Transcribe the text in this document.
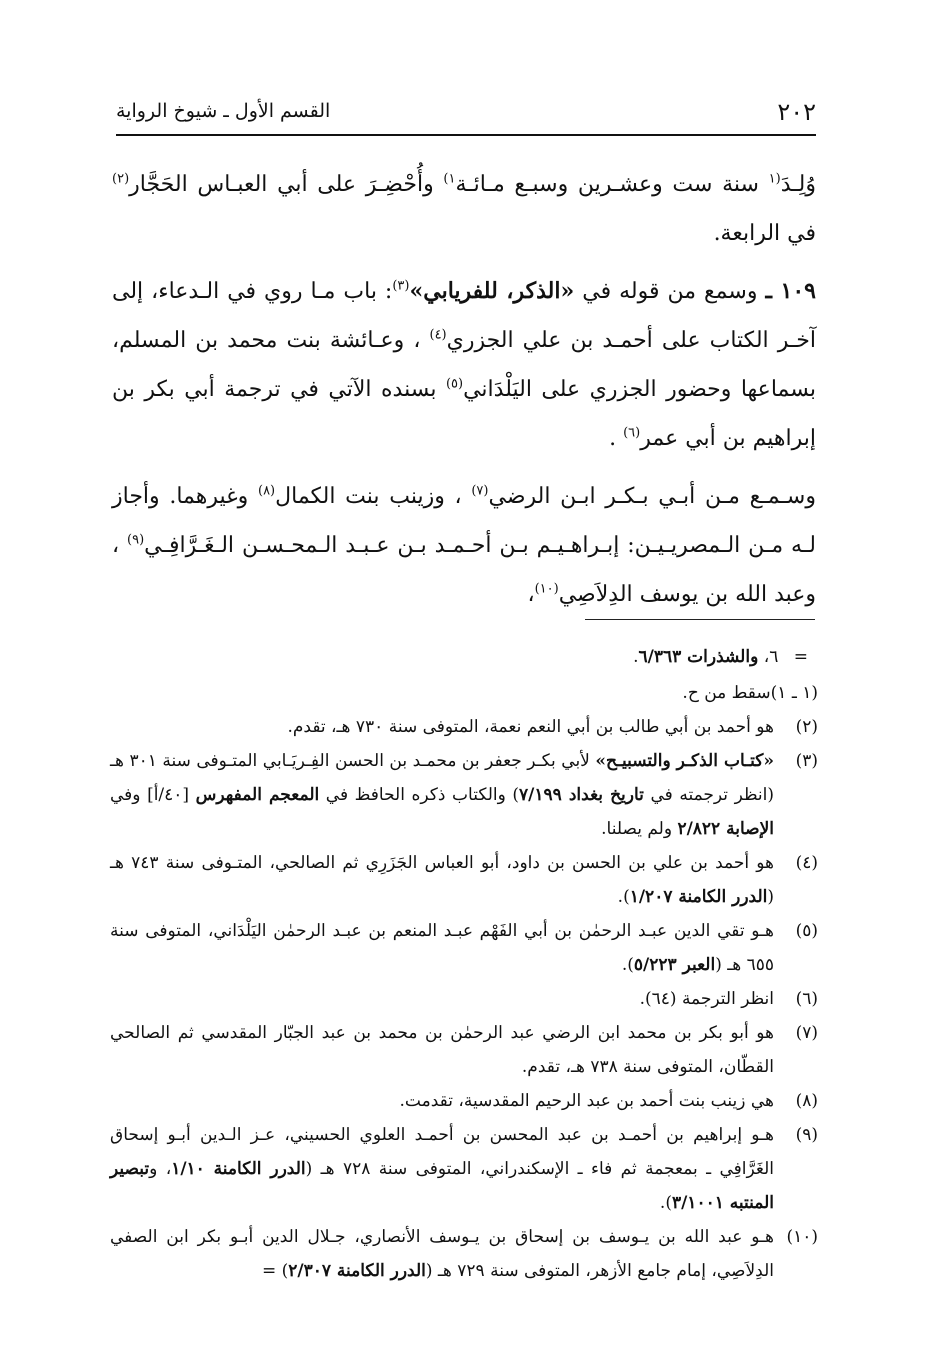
٢٠٢
القسم الأول ـ شيوخ الرواية

وُلِـدَ$^{(١}$ سنة ست وعشـرين وسبـع مـائـة$^{١)}$ وأُحْضِـرَ على أبي العبـاس الحَجَّار$^{(٢)}$ في الرابعة.

١٠٩ ـ وسمع من قوله في «الذكر، للفريابي»$^{(٣)}$: باب مـا روي في الـدعاء، إلى آخـر الكتاب على أحمـد بن علي الجزري$^{(٤)}$ ، وعـائشة بنت محمد بن المسلم، بسماعها وحضور الجزري على اليَلْدَاني$^{(٥)}$ بسنده الآتي في ترجمة أبي بكر بن إبراهيم بن أبي عمر$^{(٦)}$ .

وسـمـع مـن أبـي بـكـر ابـن الرضي$^{(٧)}$ ، وزينب بنت الكمال$^{(٨)}$ وغيرهما. وأجاز لـه مـن الـمصريـيـن: إبـراهـيـم بـن أحـمـد بـن عـبـد الـمحـسـن الـغَـرَّافِـي$^{(٩)}$ ، وعبد الله بن يوسف الدِلاَصِي$^{(١٠)}$،

= ٦، والشذرات ٦/٣٦٣.
(١ ـ ١)
سقط من ح.
(٢)
هو أحمد بن أبي طالب بن أبي النعم نعمة، المتوفى سنة ٧٣٠ هـ، تقدم.
(٣)
«كتـاب الذكـر والتسبيـح» لأبي بكـر جعفر بن محمـد بن الحسن الفِـريَـابي المتـوفى سنة ٣٠١ هـ (انظر ترجمته في تاريخ بغداد ٧/١٩٩) والكتاب ذكره الحافظ في المعجم المفهرس [٤٠/أ] وفي الإصابة ٢/٨٢٢ ولم يصلنا.
(٤)
هو أحمد بن علي بن الحسن بن داود، أبو العباس الجَزَرِي ثم الصالحي، المتـوفى سنة ٧٤٣ هـ (الدرر الكامنة ١/٢٠٧).
(٥)
هـو تقي الدين عبـد الرحمٰن بن أبي الفَهْم عبـد المنعم بن عبـد الرحمٰن اليَلْدَاني، المتوفى سنة ٦٥٥ هـ (العبر ٥/٢٢٣).
(٦)
انظر الترجمة (٦٤).
(٧)
هو أبو بكر بن محمد ابن الرضي عبد الرحمٰن بن محمد بن عبد الجبّار المقدسي ثم الصالحي القطّان، المتوفى سنة ٧٣٨ هـ، تقدم.
(٨)
هي زينب بنت أحمد بن عبد الرحيم المقدسية، تقدمت.
(٩)
هـو إبراهيم بن أحمـد بن عبد المحسن بن أحمـد العلوي الحسيني، عـز الـدين أبـو إسحاق الغَرَّافِي ـ بمعجمة ثم فاء ـ الإسكندراني، المتوفى سنة ٧٢٨ هـ (الدرر الكامنة ١/١٠، وتبصير المنتبه ٣/١٠٠١).
(١٠)
هـو عبد الله بن يـوسف بن إسحاق بن يـوسف الأنصاري، جـلال الدين أبـو بكر ابن الصفي الدِلاَصِي، إمام جامع الأزهر، المتوفى سنة ٧٢٩ هـ (الدرر الكامنة ٢/٣٠٧) =
